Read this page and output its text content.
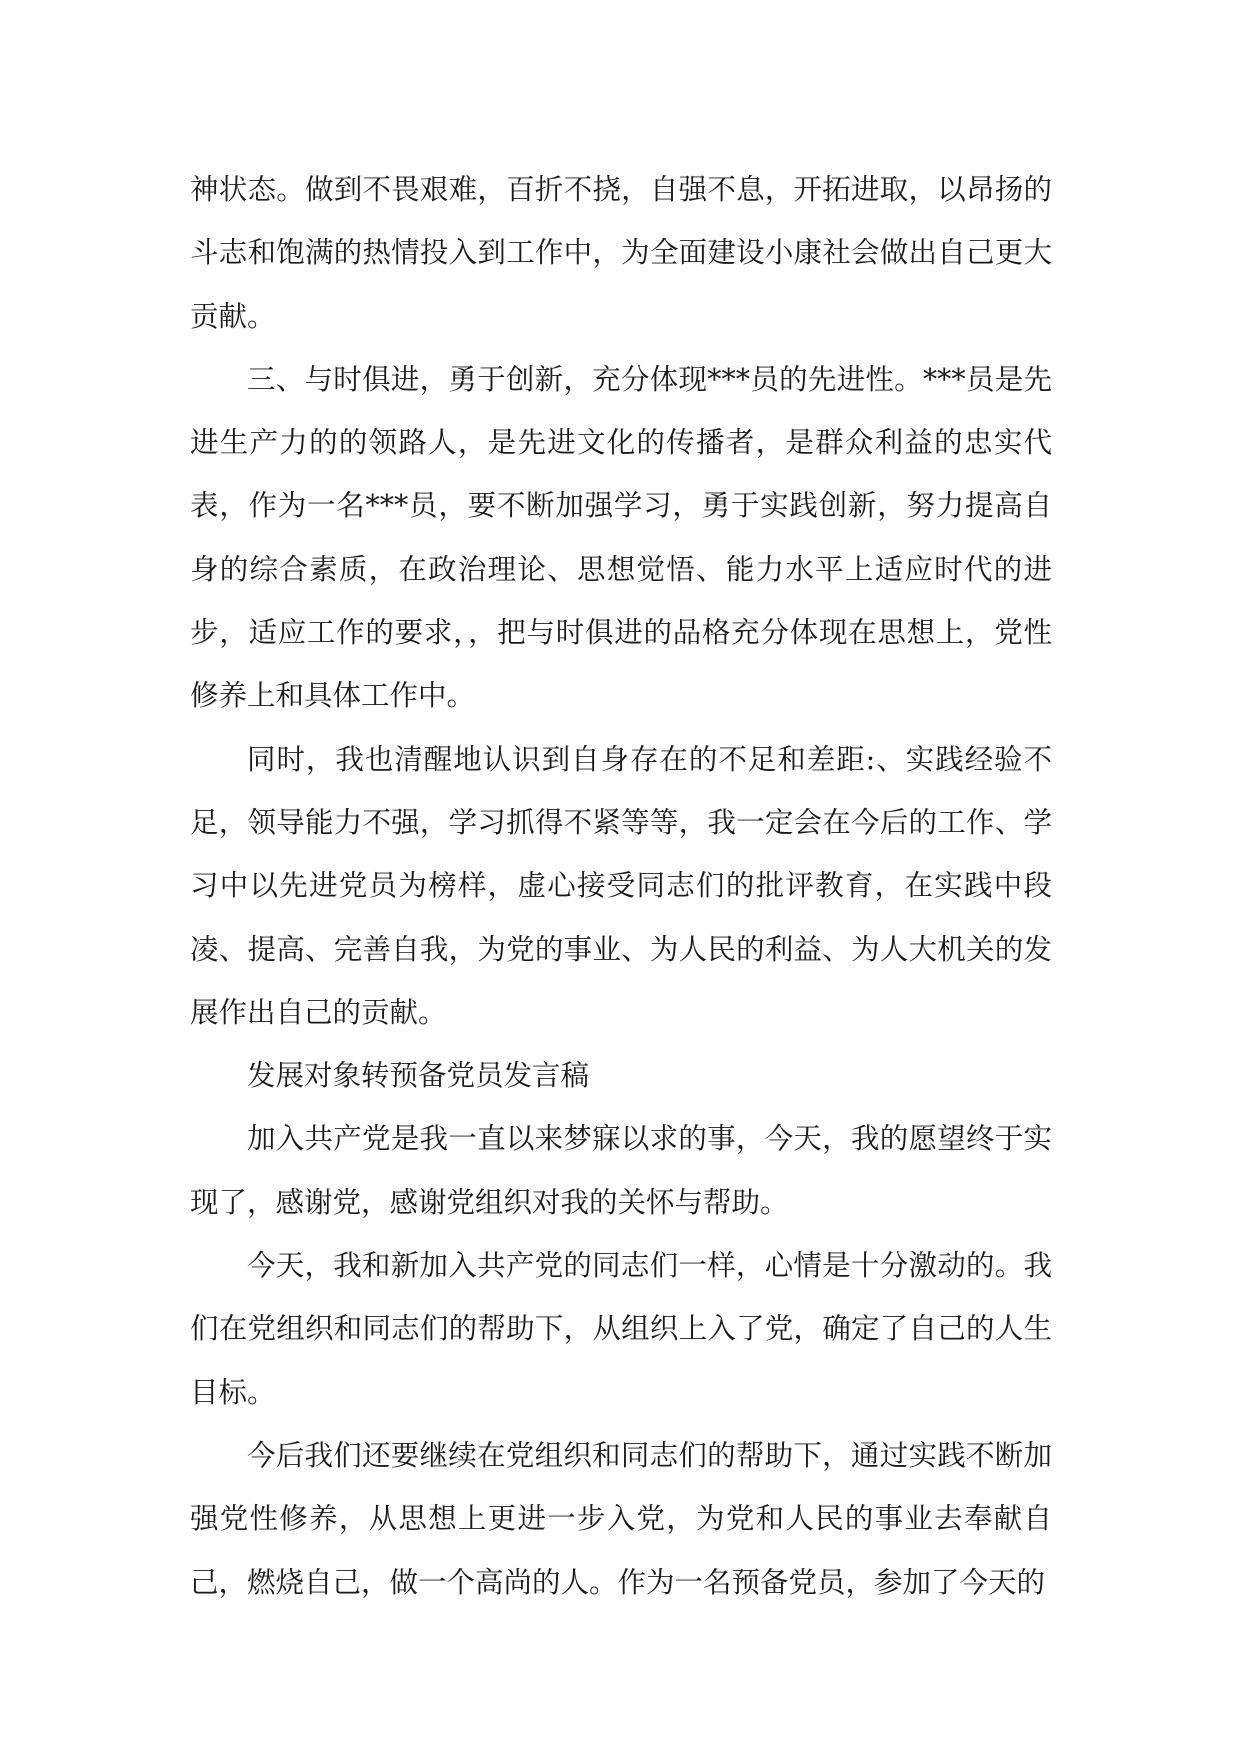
神状态。做到不畏艰难，百折不挠，自强不息，开拓进取，以昂扬的斗志和饱满的热情投入到工作中，为全面建设小康社会做出自己更大贡献。

三、与时俱进，勇于创新，充分体现***员的先进性。***员是先进生产力的的领路人，是先进文化的传播者，是群众利益的忠实代表，作为一名***员，要不断加强学习，勇于实践创新，努力提高自身的综合素质，在政治理论、思想觉悟、能力水平上适应时代的进步，适应工作的要求，，把与时俱进的品格充分体现在思想上，党性修养上和具体工作中。

同时，我也清醒地认识到自身存在的不足和差距:、实践经验不足，领导能力不强，学习抓得不紧等等，我一定会在今后的工作、学习中以先进党员为榜样，虚心接受同志们的批评教育，在实践中段凌、提高、完善自我，为党的事业、为人民的利益、为人大机关的发展作出自己的贡献。

发展对象转预备党员发言稿

加入共产党是我一直以来梦寐以求的事，今天，我的愿望终于实现了，感谢党，感谢党组织对我的关怀与帮助。

今天，我和新加入共产党的同志们一样，心情是十分激动的。我们在党组织和同志们的帮助下，从组织上入了党，确定了自己的人生目标。

今后我们还要继续在党组织和同志们的帮助下，通过实践不断加强党性修养，从思想上更进一步入党，为党和人民的事业去奉献自己，燃烧自己，做一个高尚的人。作为一名预备党员，参加了今天的
